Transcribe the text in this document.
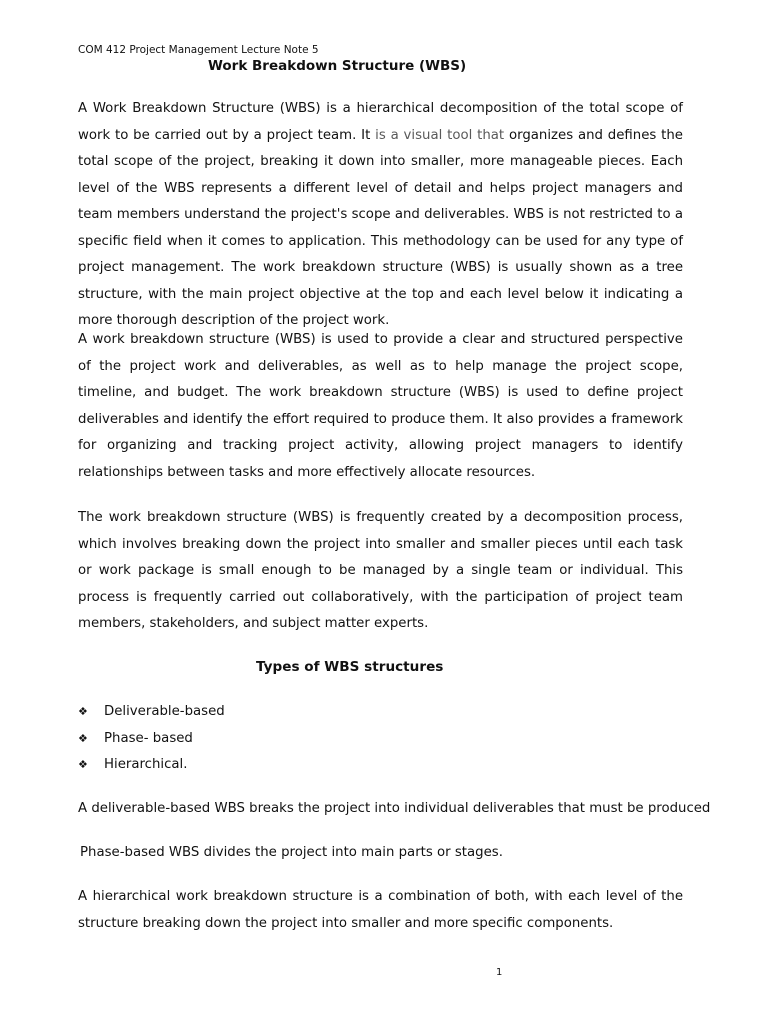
COM 412 Project Management Lecture Note 5
Work Breakdown Structure (WBS)

A Work Breakdown Structure (WBS) is a hierarchical decomposition of the total scope of work to be carried out by a project team. It is a visual tool that organizes and defines the total scope of the project, breaking it down into smaller, more manageable pieces. Each level of the WBS represents a different level of detail and helps project managers and team members understand the project's scope and deliverables. WBS is not restricted to a specific field when it comes to application. This methodology can be used for any type of project management. The work breakdown structure (WBS) is usually shown as a tree structure, with the main project objective at the top and each level below it indicating a more thorough description of the project work.

A work breakdown structure (WBS) is used to provide a clear and structured perspective of the project work and deliverables, as well as to help manage the project scope, timeline, and budget. The work breakdown structure (WBS) is used to define project deliverables and identify the effort required to produce them. It also provides a framework for organizing and tracking project activity, allowing project managers to identify relationships between tasks and more effectively allocate resources.

The work breakdown structure (WBS) is frequently created by a decomposition process, which involves breaking down the project into smaller and smaller pieces until each task or work package is small enough to be managed by a single team or individual. This process is frequently carried out collaboratively, with the participation of project team members, stakeholders, and subject matter experts.

Types of WBS structures
❖ Deliverable-based
❖ Phase- based
❖ Hierarchical.
A deliverable-based WBS breaks the project into individual deliverables that must be produced
Phase-based WBS divides the project into main parts or stages.

A hierarchical work breakdown structure is a combination of both, with each level of the structure breaking down the project into smaller and more specific components.

1
